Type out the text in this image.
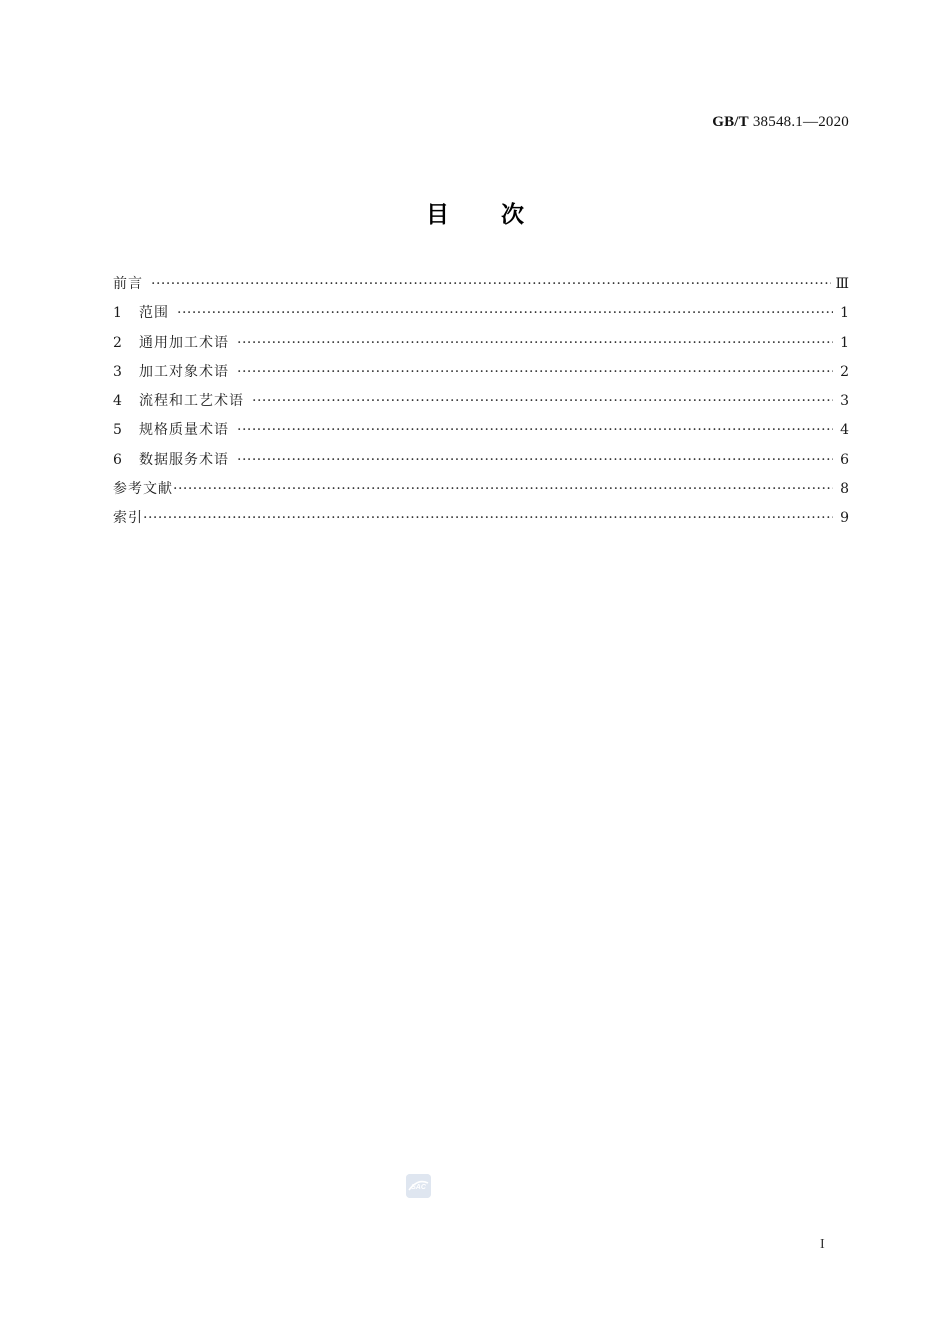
GB/T 38548.1—2020
目次
前言 ·····	Ⅲ
1	范围 ·····	1
2	通用加工术语 ·····	1
3	加工对象术语 ·····	2
4	流程和工艺术语 ·····	3
5	规格质量术语 ·····	4
6	数据服务术语 ·····	6
参考文献 ·····	8
索引 ·····	9
SAC
I
